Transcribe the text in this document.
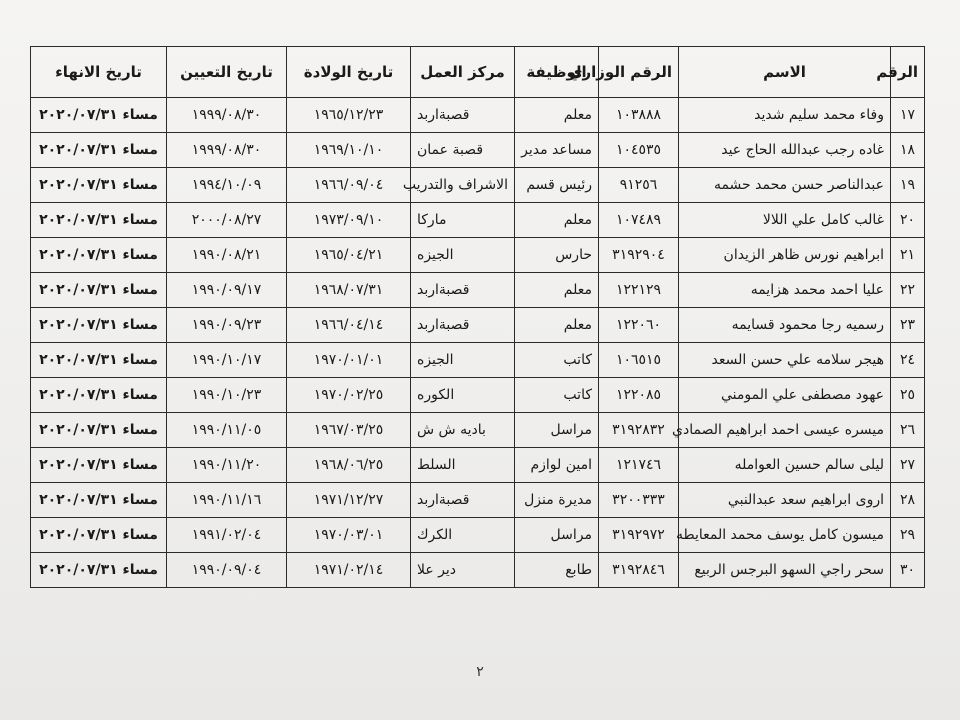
الرقم	الاسم	الرقم الوزاري	الوظيفة	مركز العمل	تاريخ الولادة	تاريخ التعيين	تاريخ الانهاء
١٧	وفاء محمد سليم شديد	١٠٣٨٨٨	معلم	قصبةاربد	١٩٦٥/١٢/٢٣	١٩٩٩/٠٨/٣٠	مساء ٢٠٢٠/٠٧/٣١
١٨	غاده رجب عبدالله الحاج عيد	١٠٤٥٣٥	مساعد مدير	قصبة عمان	١٩٦٩/١٠/١٠	١٩٩٩/٠٨/٣٠	مساء ٢٠٢٠/٠٧/٣١
١٩	عبدالناصر حسن محمد حشمه	٩١٢٥٦	رئيس قسم	الاشراف والتدريب	١٩٦٦/٠٩/٠٤	١٩٩٤/١٠/٠٩	مساء ٢٠٢٠/٠٧/٣١
٢٠	غالب كامل علي اللالا	١٠٧٤٨٩	معلم	ماركا	١٩٧٣/٠٩/١٠	٢٠٠٠/٠٨/٢٧	مساء ٢٠٢٠/٠٧/٣١
٢١	ابراهيم نورس ظاهر الزيدان	٣١٩٢٩٠٤	حارس	الجيزه	١٩٦٥/٠٤/٢١	١٩٩٠/٠٨/٢١	مساء ٢٠٢٠/٠٧/٣١
٢٢	عليا احمد محمد هزايمه	١٢٢١٢٩	معلم	قصبةاربد	١٩٦٨/٠٧/٣١	١٩٩٠/٠٩/١٧	مساء ٢٠٢٠/٠٧/٣١
٢٣	رسميه رجا محمود قسايمه	١٢٢٠٦٠	معلم	قصبةاربد	١٩٦٦/٠٤/١٤	١٩٩٠/٠٩/٢٣	مساء ٢٠٢٠/٠٧/٣١
٢٤	هيجر سلامه علي حسن السعد	١٠٦٥١٥	كاتب	الجيزه	١٩٧٠/٠١/٠١	١٩٩٠/١٠/١٧	مساء ٢٠٢٠/٠٧/٣١
٢٥	عهود مصطفى علي المومني	١٢٢٠٨٥	كاتب	الكوره	١٩٧٠/٠٢/٢٥	١٩٩٠/١٠/٢٣	مساء ٢٠٢٠/٠٧/٣١
٢٦	ميسره عيسى احمد ابراهيم الصمادي	٣١٩٢٨٣٢	مراسل	باديه ش ش	١٩٦٧/٠٣/٢٥	١٩٩٠/١١/٠٥	مساء ٢٠٢٠/٠٧/٣١
٢٧	ليلى سالم حسين العوامله	١٢١٧٤٦	امين لوازم	السلط	١٩٦٨/٠٦/٢٥	١٩٩٠/١١/٢٠	مساء ٢٠٢٠/٠٧/٣١
٢٨	اروى ابراهيم سعد عبدالنبي	٣٢٠٠٣٣٣	مديرة منزل	قصبةاربد	١٩٧١/١٢/٢٧	١٩٩٠/١١/١٦	مساء ٢٠٢٠/٠٧/٣١
٢٩	ميسون كامل يوسف محمد المعايطه	٣١٩٢٩٧٢	مراسل	الكرك	١٩٧٠/٠٣/٠١	١٩٩١/٠٢/٠٤	مساء ٢٠٢٠/٠٧/٣١
٣٠	سحر راجي السهو البرجس الربيع	٣١٩٢٨٤٦	طابع	دير علا	١٩٧١/٠٢/١٤	١٩٩٠/٠٩/٠٤	مساء ٢٠٢٠/٠٧/٣١
٢
